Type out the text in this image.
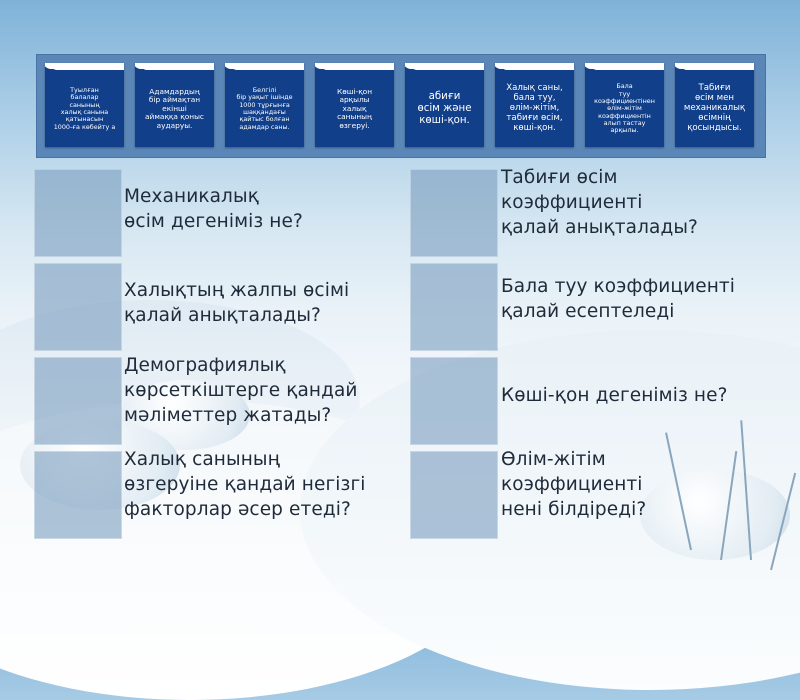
Туылған
балалар
санының
халық санына
қатынасын
1000-ға көбейту а
Адамдардың
бір аймақтан
екінші
аймаққа қоныс
аударуы.
Белгілі
бір уақыт ішінде
1000 тұрғынға
шаққандағы
қайтыс болған
адамдар саны.
Көші-қон
арқылы
халық
санының
өзгеруі.
абиғи
өсім және
көші-қон.
Халық саны,
бала туу,
өлім-жітім,
табиғи өсім,
көші-қон.
Бала
туу
коэффициентінен
өлім-жітім
коэффициентін
алып тастау
арқылы.
Табиғи
өсім мен
механикалық
өсімнің
қосындысы.
Механикалық
өсім дегеніміз не?
Халықтың жалпы өсімі
қалай анықталады?
Демографиялық
көрсеткіштерге қандай
мәліметтер жатады?
Халық санының
өзгеруіне қандай негізгі
факторлар әсер етеді?
Табиғи өсім
коэффициенті
қалай анықталады?
Бала туу коэффициенті
қалай есептеледі
Көші-қон дегеніміз не?
Өлім-жітім
коэффициенті
нені білдіреді?
